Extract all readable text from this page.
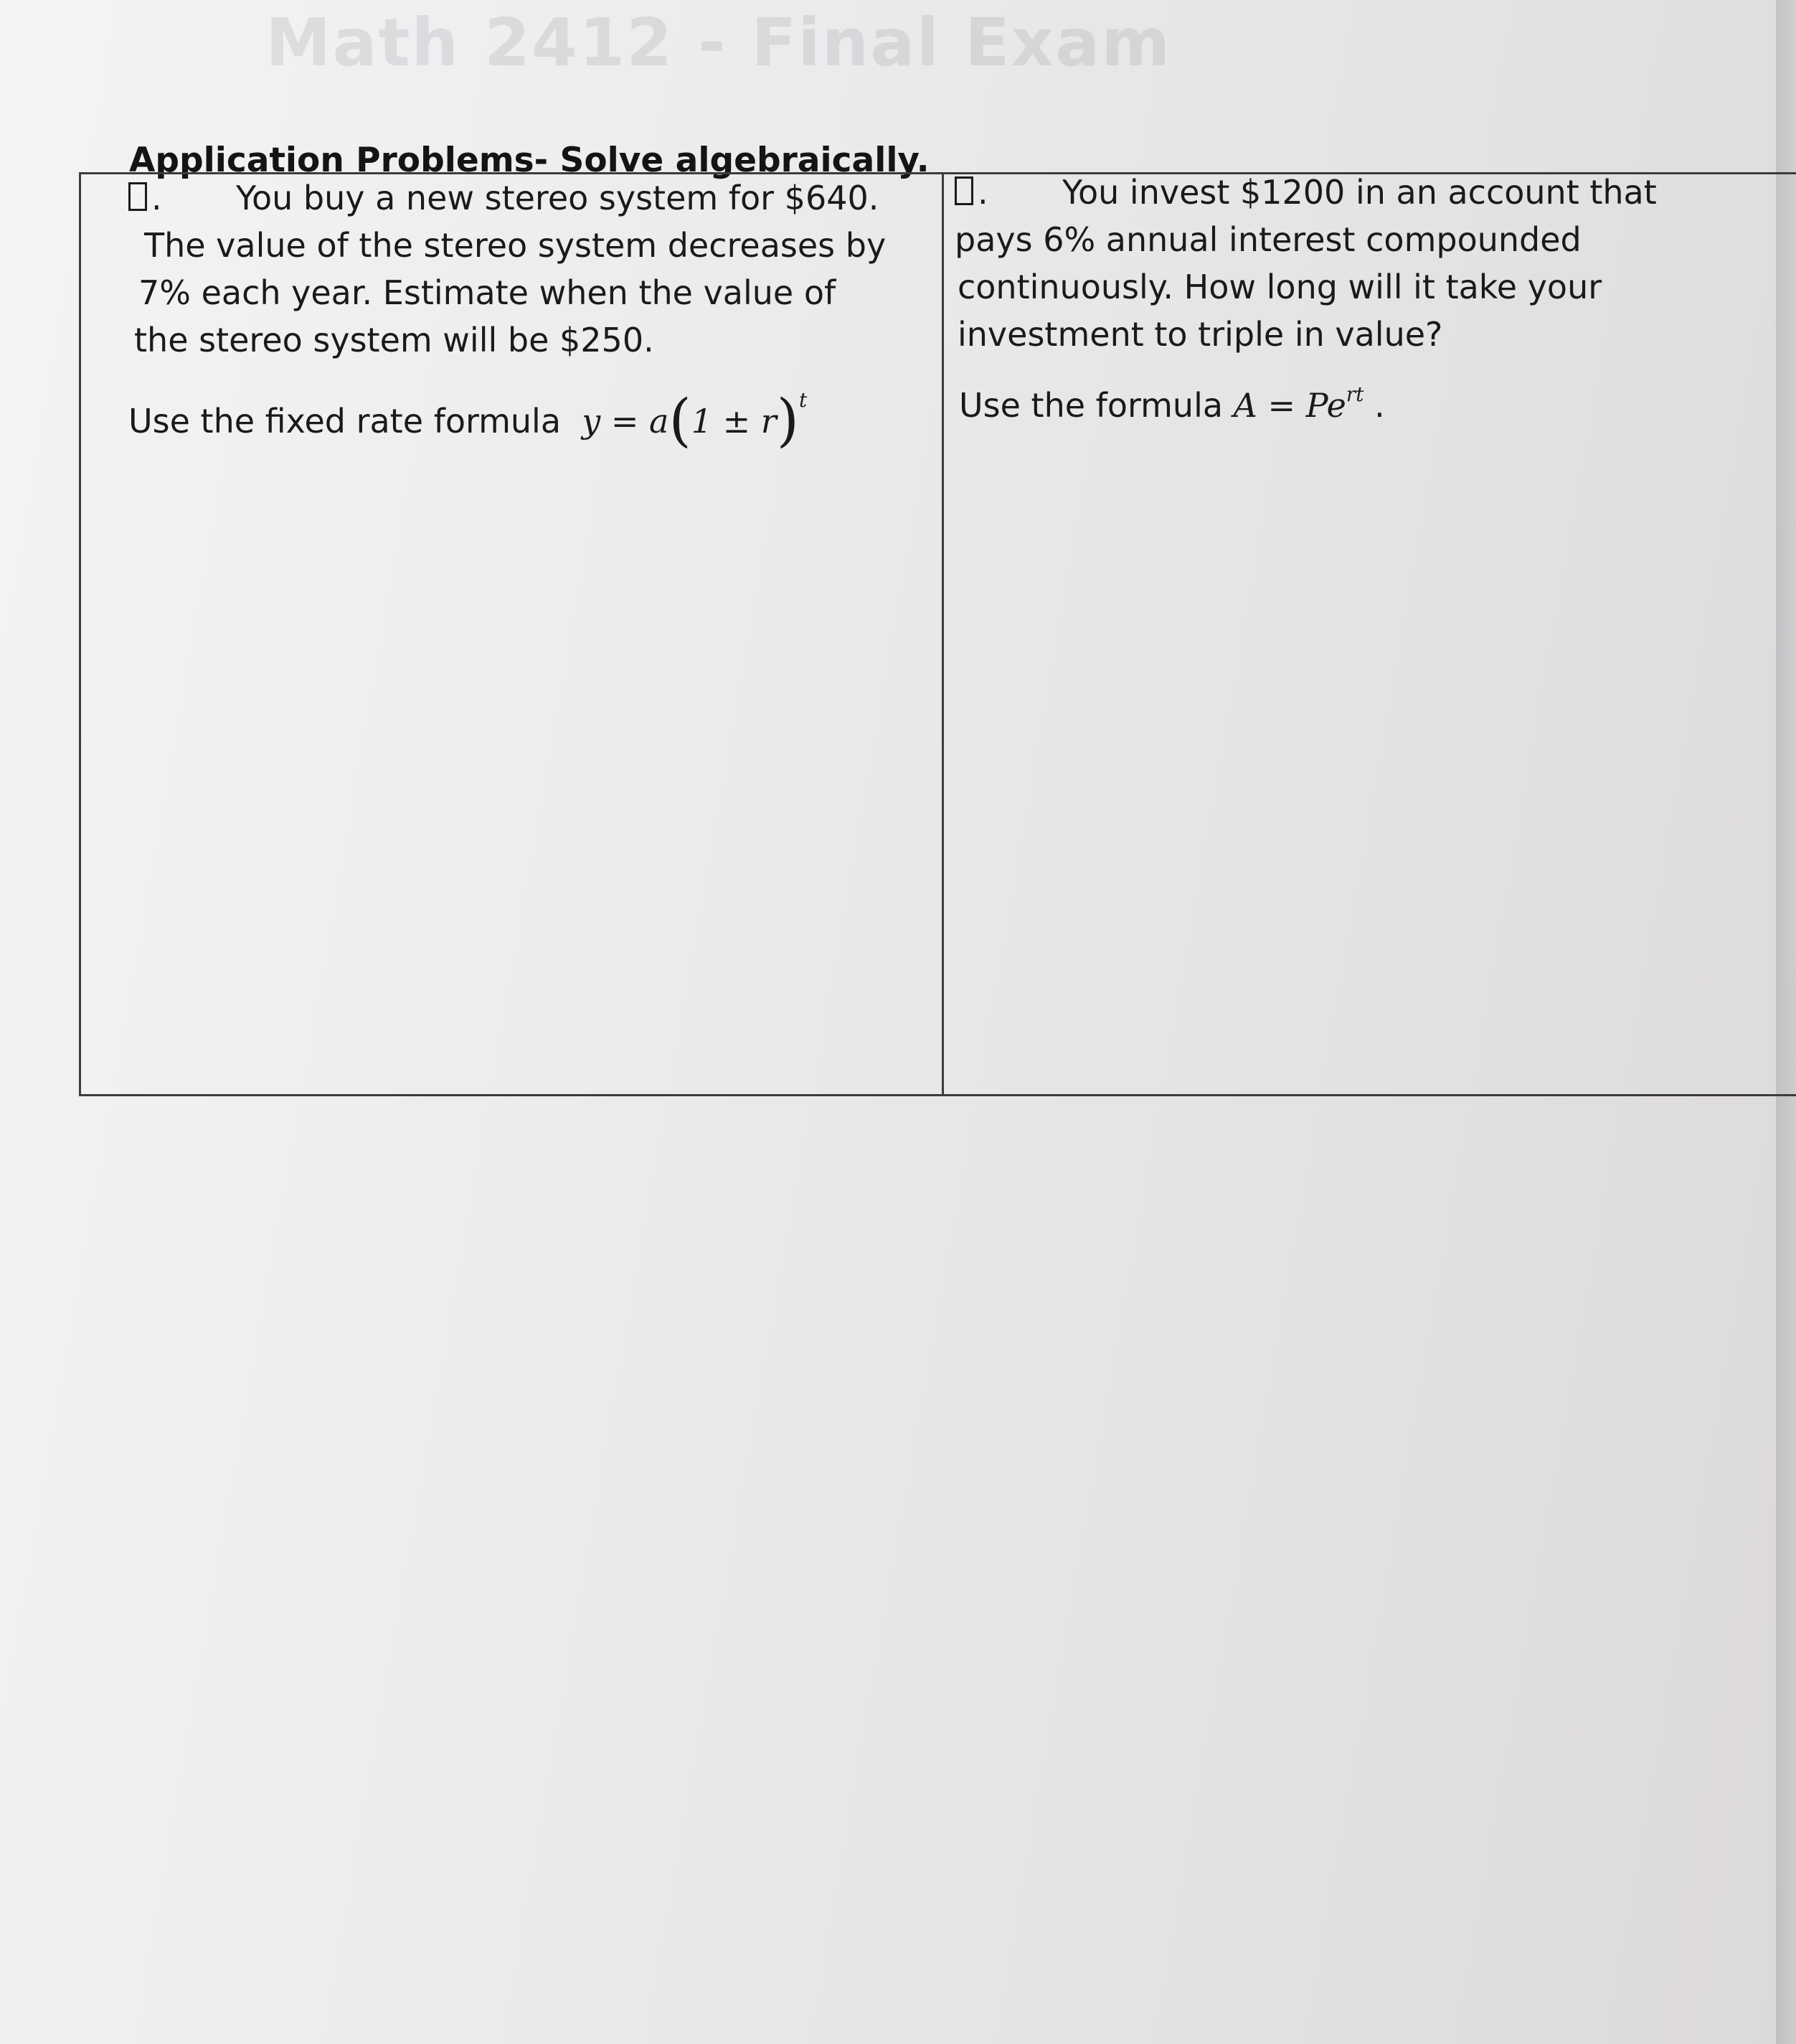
Math 2412 - Final Exam
Application Problems- Solve algebraically.
. You buy a new stereo system for $640.
The value of the stereo system decreases by
7% each year. Estimate when the value of
the stereo system will be $250.
Use the fixed rate formula $y = a(1 \pm r)^t$
. You invest $1200 in an account that
pays 6% annual interest compounded
continuously. How long will it take your
investment to triple in value?
Use the formula $A = Pe^{rt}$ .
